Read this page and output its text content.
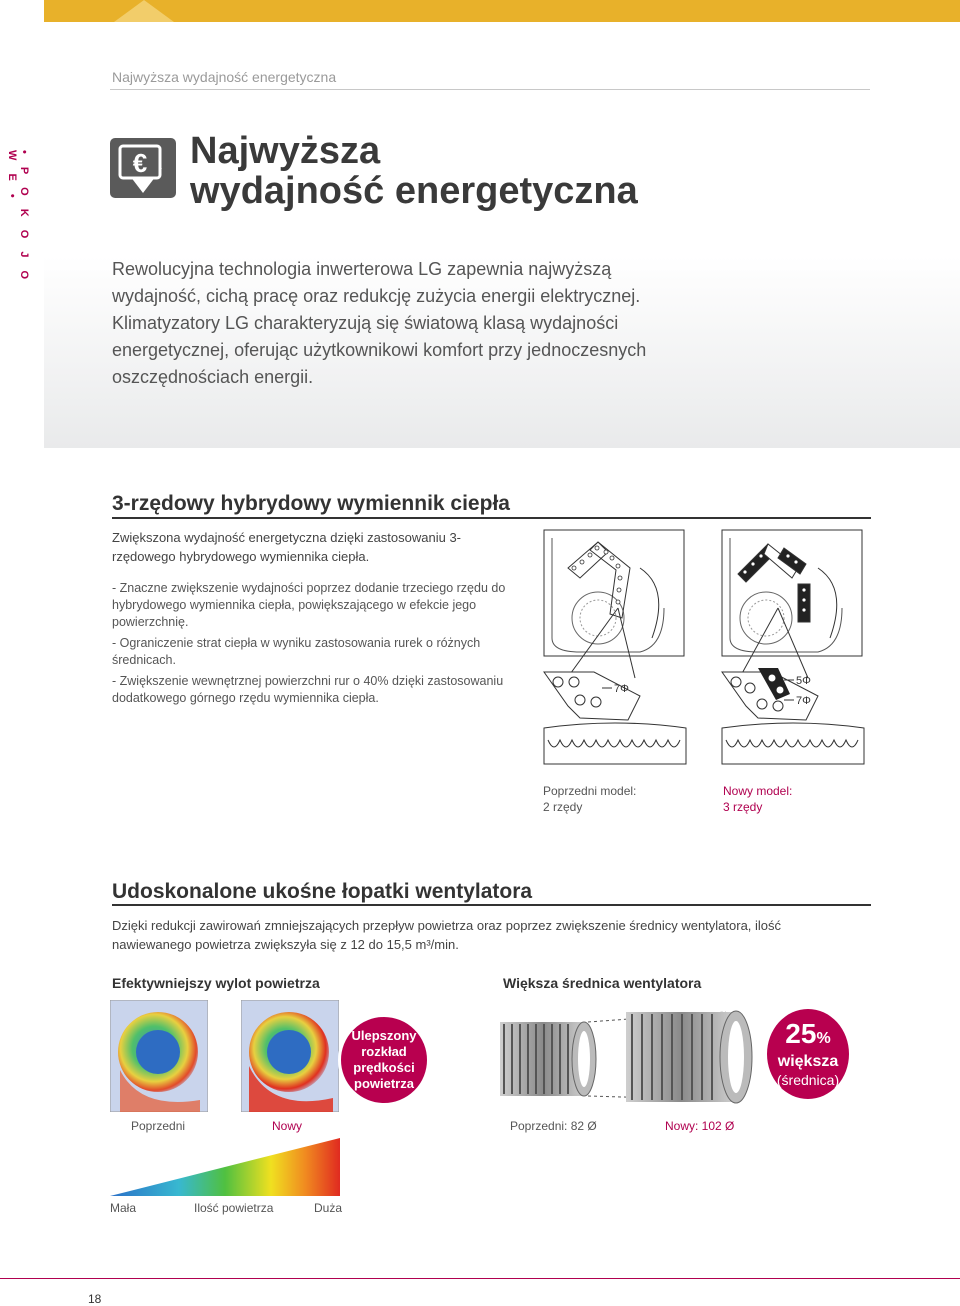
Najwyższa wydajność energetyczna
• P O K O J O W E •	€ Najwyższa
wydajność energetyczna
Rewolucyjna technologia inwerterowa LG zapewnia najwyższą wydajność, cichą pracę oraz redukcję zużycia energii elektrycznej. Klimatyzatory LG charakteryzują się światową klasą wydajności energetycznej, oferując użytkownikowi komfort przy jednoczesnych oszczędnościach energii.
3-rzędowy hybrydowy wymiennik ciepła
Zwiększona wydajność energetyczna dzięki zastosowaniu 3-rzędowego hybrydowego wymiennika ciepła.
- Znaczne zwiększenie wydajności poprzez dodanie trzeciego rzędu do hybrydowego wymiennika ciepła, powiększającego w efekcie jego powierzchnię.
- Ograniczenie strat ciepła w wyniku zastosowania rurek o różnych średnicach.
- Zwiększenie wewnętrznej powierzchni rur o 40% dzięki zastosowaniu dodatkowego górnego rzędu wymiennika ciepła.
7Φ
5Φ
7Φ
Poprzedni model:
2 rzędy
Nowy model:
3 rzędy
Udoskonalone ukośne łopatki wentylatora
Dzięki redukcji zawirowań zmniejszających przepływ powietrza oraz poprzez zwiększenie średnicy wentylatora, ilość nawiewanego powietrza zwiększyła się z 12 do 15,5 m³/min.
Efektywniejszy wylot powietrza	Większa średnica wentylatora
Ulepszony rozkład prędkości powietrza
Poprzedni	Nowy
25%
większa
(średnica)
Poprzedni: 82 Ø	Nowy: 102 Ø
Mała	Ilość powietrza	Duża
18
